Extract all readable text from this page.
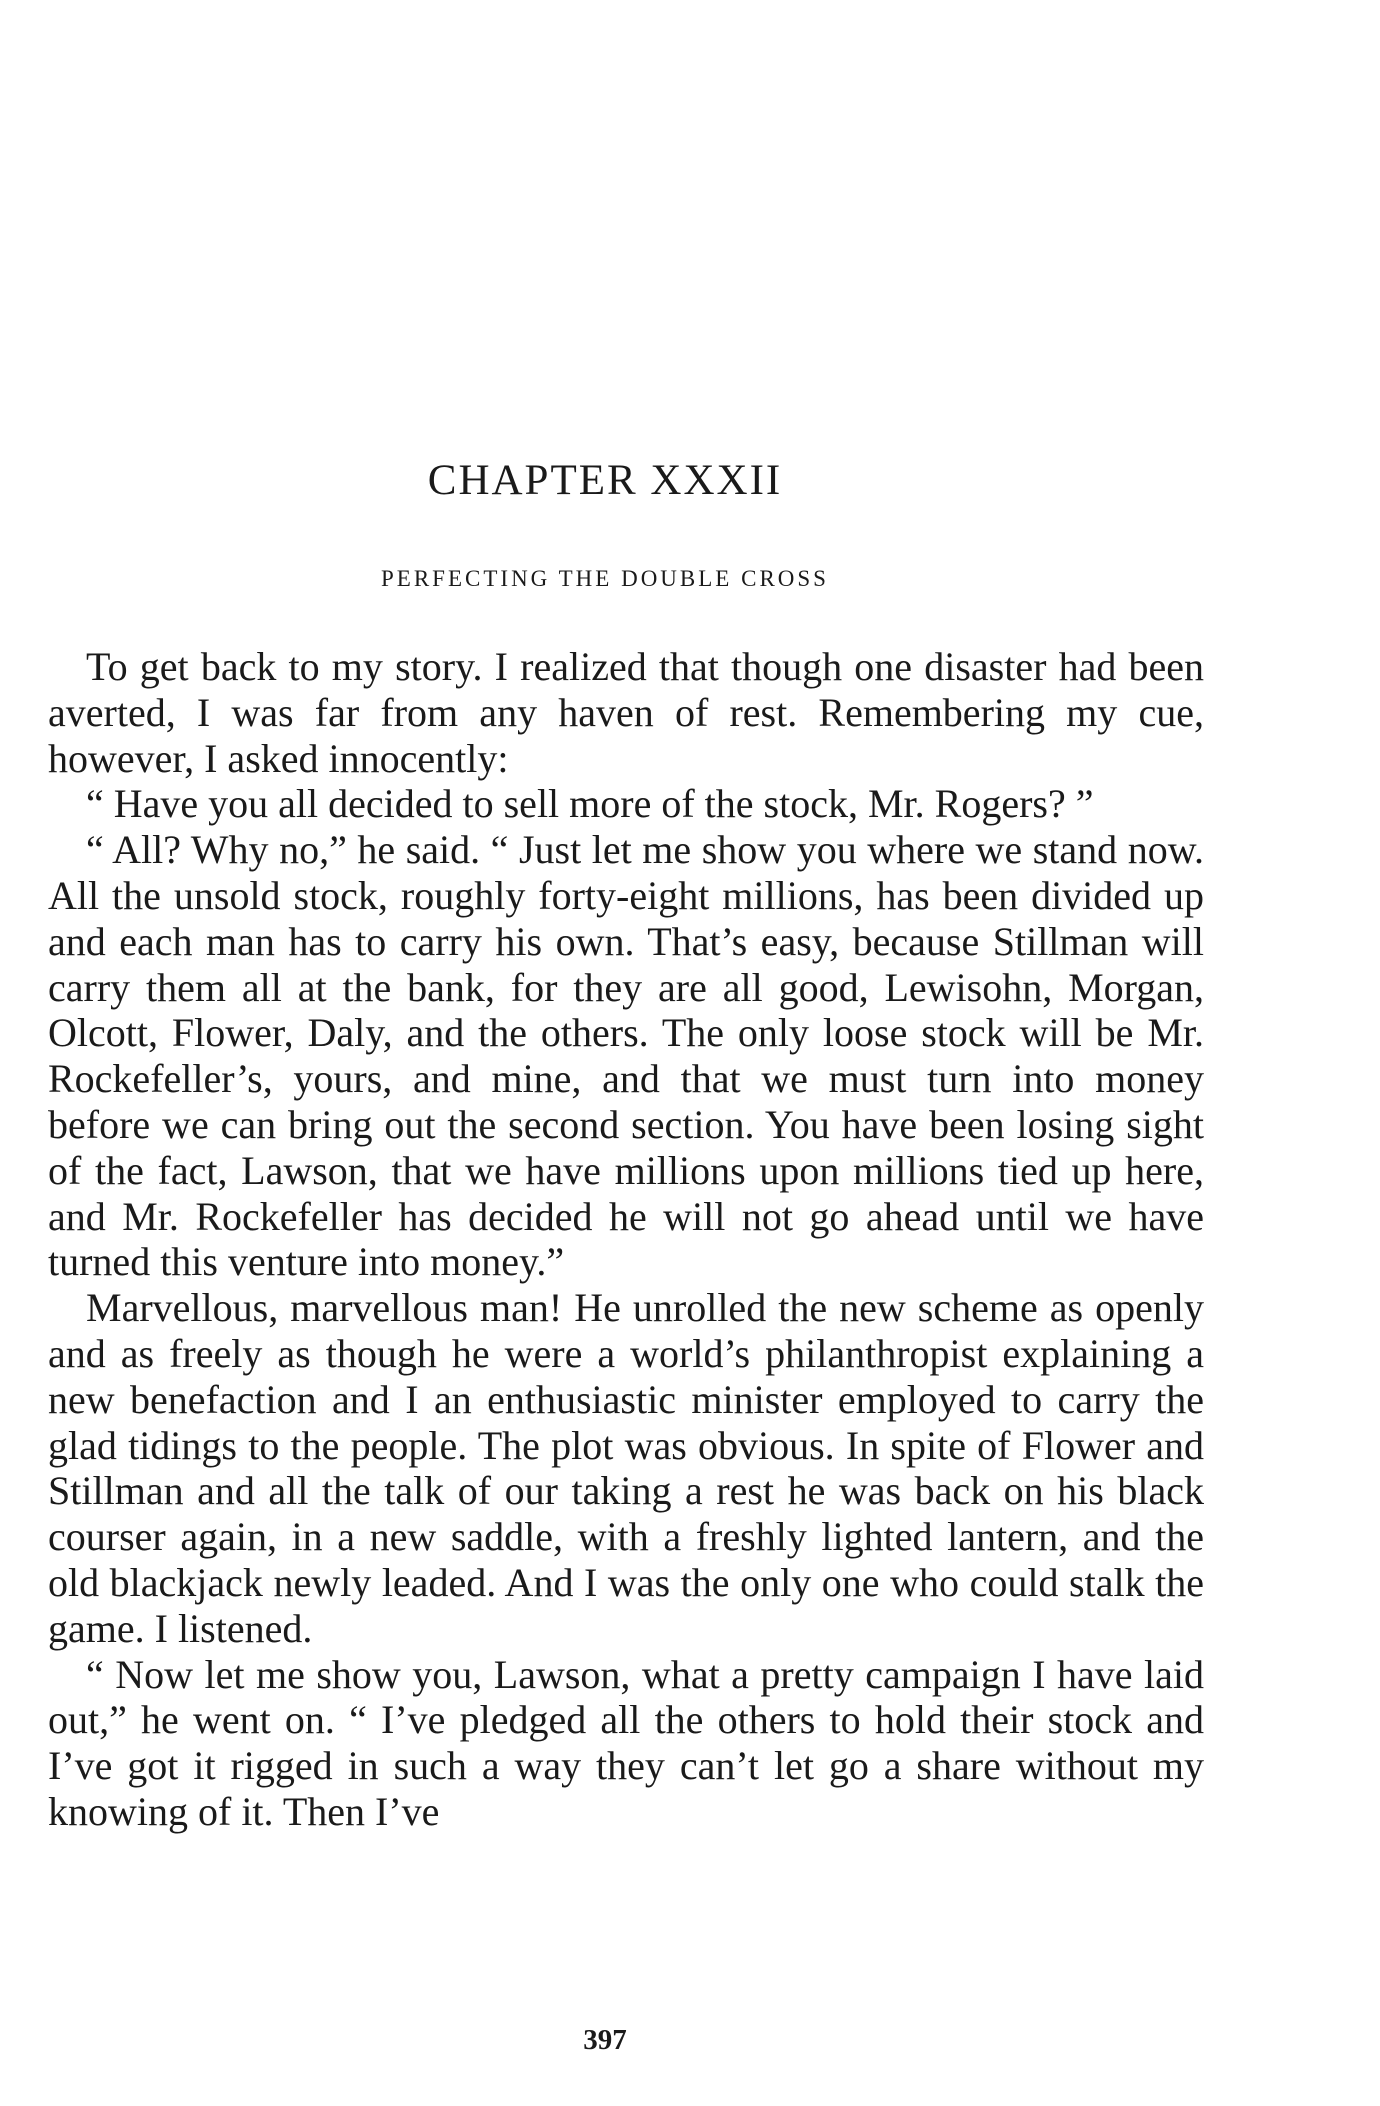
CHAPTER XXXII
PERFECTING THE DOUBLE CROSS

To get back to my story. I realized that though one disaster had been averted, I was far from any haven of rest. Remembering my cue, however, I asked innocently:

“ Have you all decided to sell more of the stock, Mr. Rogers? ”

“ All? Why no,” he said. “ Just let me show you where we stand now. All the unsold stock, roughly forty-eight millions, has been divided up and each man has to carry his own. That’s easy, because Stillman will carry them all at the bank, for they are all good, Lewisohn, Morgan, Olcott, Flower, Daly, and the others. The only loose stock will be Mr. Rockefeller’s, yours, and mine, and that we must turn into money before we can bring out the second section. You have been losing sight of the fact, Lawson, that we have millions upon millions tied up here, and Mr. Rockefeller has decided he will not go ahead until we have turned this venture into money.”

Marvellous, marvellous man! He unrolled the new scheme as openly and as freely as though he were a world’s philanthropist explaining a new benefaction and I an enthusiastic minister employed to carry the glad tidings to the people. The plot was obvious. In spite of Flower and Stillman and all the talk of our taking a rest he was back on his black courser again, in a new saddle, with a freshly lighted lantern, and the old blackjack newly leaded. And I was the only one who could stalk the game. I listened.

“ Now let me show you, Lawson, what a pretty campaign I have laid out,” he went on. “ I’ve pledged all the others to hold their stock and I’ve got it rigged in such a way they can’t let go a share without my knowing of it. Then I’ve

397
